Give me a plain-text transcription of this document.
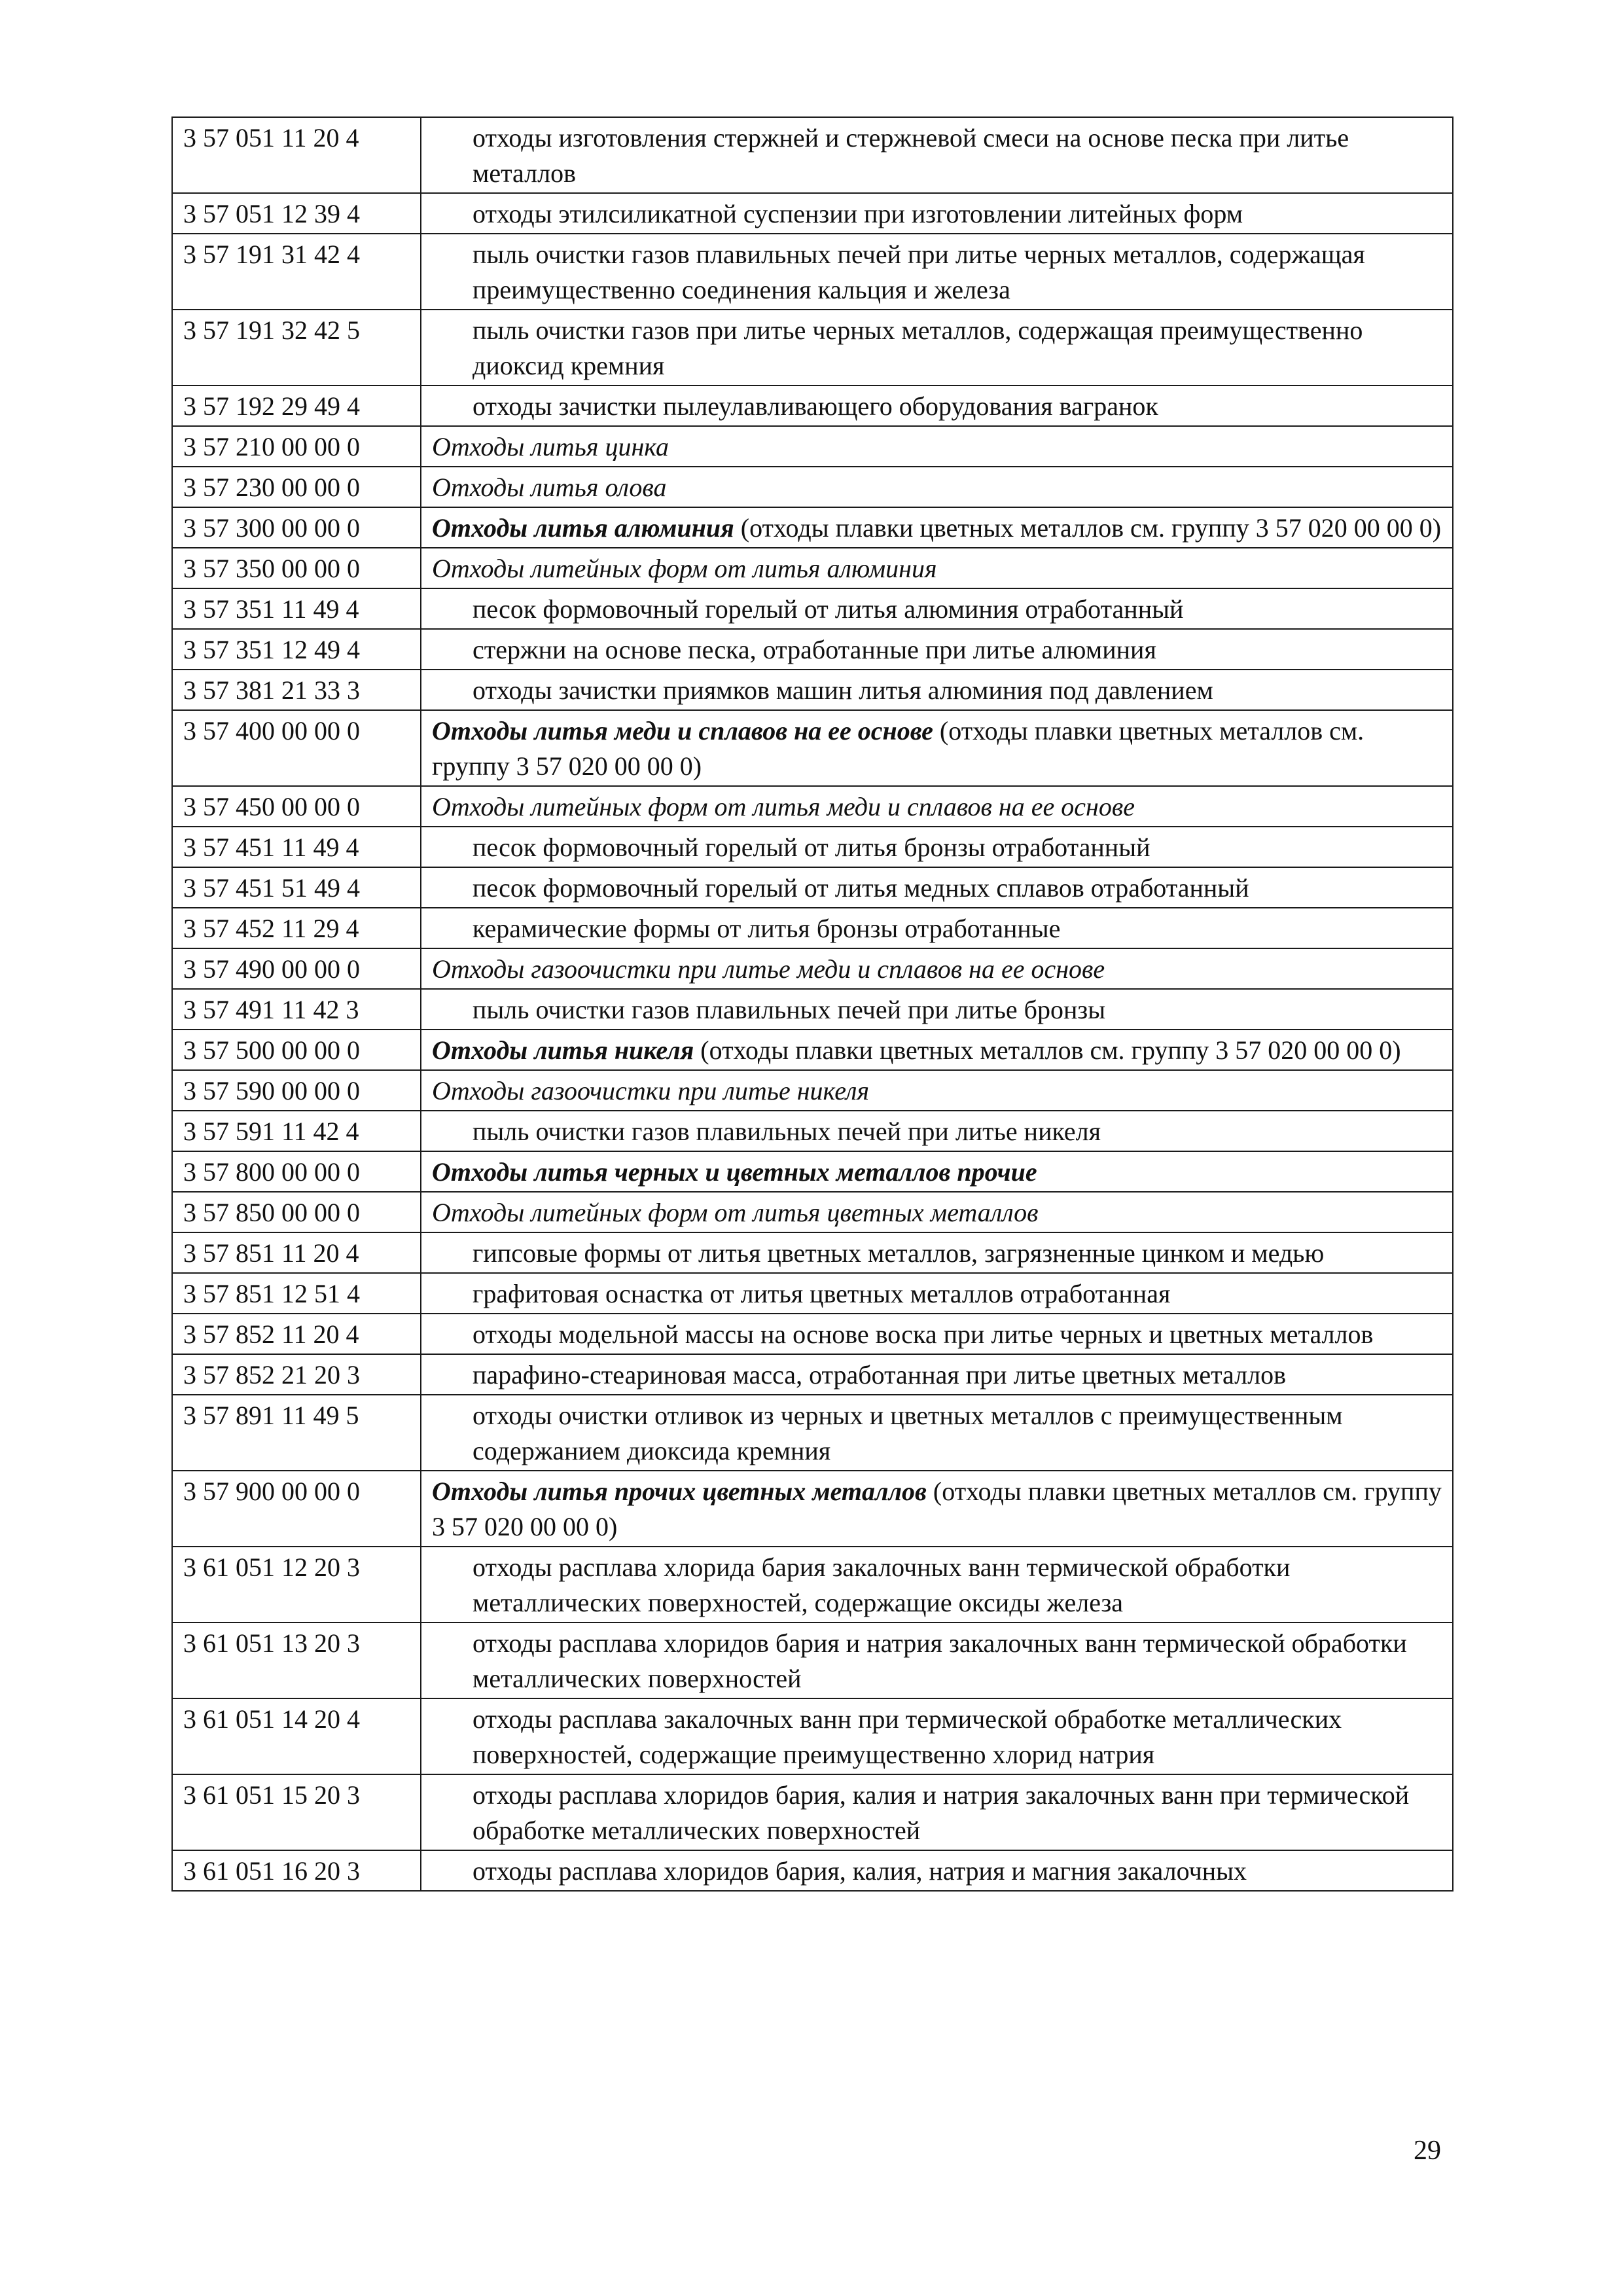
3 57 051 11 20 4	отходы изготовления стержней и стержневой смеси на основе песка при литье металлов
3 57 051 12 39 4	отходы этилсиликатной суспензии при изготовлении литейных форм
3 57 191 31 42 4	пыль очистки газов плавильных печей при литье черных металлов, содержащая преимущественно соединения кальция и железа
3 57 191 32 42 5	пыль очистки газов при литье черных металлов, содержащая преимущественно диоксид кремния
3 57 192 29 49 4	отходы зачистки пылеулавливающего оборудования вагранок
3 57 210 00 00 0	Отходы литья цинка
3 57 230 00 00 0	Отходы литья олова
3 57 300 00 00 0	Отходы литья алюминия (отходы плавки цветных металлов см. группу 3 57 020 00 00 0)
3 57 350 00 00 0	Отходы литейных форм от литья алюминия
3 57 351 11 49 4	песок формовочный горелый от литья алюминия отработанный
3 57 351 12 49 4	стержни на основе песка, отработанные при литье алюминия
3 57 381 21 33 3	отходы зачистки приямков машин литья алюминия под давлением
3 57 400 00 00 0	Отходы литья меди и сплавов на ее основе (отходы плавки цветных металлов см. группу 3 57 020 00 00 0)
3 57 450 00 00 0	Отходы литейных форм от литья меди и сплавов на ее основе
3 57 451 11 49 4	песок формовочный горелый от литья бронзы отработанный
3 57 451 51 49 4	песок формовочный горелый от литья медных сплавов отработанный
3 57 452 11 29 4	керамические формы от литья бронзы отработанные
3 57 490 00 00 0	Отходы газоочистки при литье меди и сплавов на ее основе
3 57 491 11 42 3	пыль очистки газов плавильных печей при литье бронзы
3 57 500 00 00 0	Отходы литья никеля (отходы плавки цветных металлов см. группу 3 57 020 00 00 0)
3 57 590 00 00 0	Отходы газоочистки при литье никеля
3 57 591 11 42 4	пыль очистки газов плавильных печей при литье никеля
3 57 800 00 00 0	Отходы литья черных и цветных металлов прочие
3 57 850 00 00 0	Отходы литейных форм от литья цветных металлов
3 57 851 11 20 4	гипсовые формы от литья цветных металлов, загрязненные цинком и медью
3 57 851 12 51 4	графитовая оснастка от литья цветных металлов отработанная
3 57 852 11 20 4	отходы модельной массы на основе воска при литье черных и цветных металлов
3 57 852 21 20 3	парафино-стеариновая масса, отработанная при литье цветных металлов
3 57 891 11 49 5	отходы очистки отливок из черных и цветных металлов с преимущественным содержанием диоксида кремния
3 57 900 00 00 0	Отходы литья прочих цветных металлов (отходы плавки цветных металлов см. группу 3 57 020 00 00 0)
3 61 051 12 20 3	отходы расплава хлорида бария закалочных ванн термической обработки металлических поверхностей, содержащие оксиды железа
3 61 051 13 20 3	отходы расплава хлоридов бария и натрия закалочных ванн термической обработки металлических поверхностей
3 61 051 14 20 4	отходы расплава закалочных ванн при термической обработке металлических поверхностей, содержащие преимущественно хлорид натрия
3 61 051 15 20 3	отходы расплава хлоридов бария, калия и натрия закалочных ванн при термической обработке металлических поверхностей
3 61 051 16 20 3	отходы расплава хлоридов бария, калия, натрия и магния закалочных
29
